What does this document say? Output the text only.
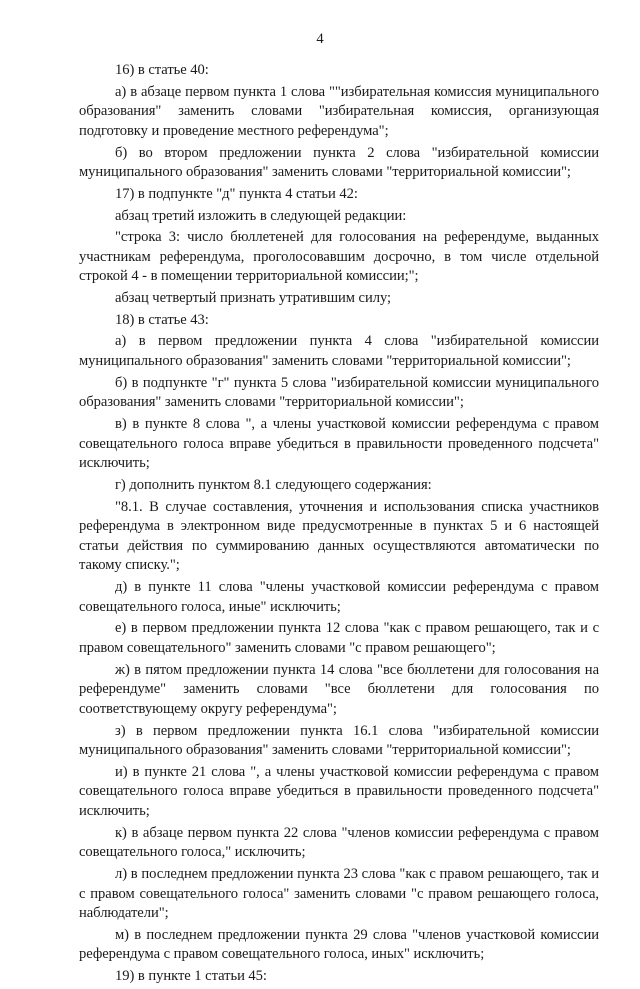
4

16) в статье 40:

а) в абзаце первом пункта 1 слова ""избирательная комиссия муниципального образования" заменить словами "избирательная комиссия, организующая подготовку и проведение местного референдума";

б) во втором предложении пункта 2 слова "избирательной комиссии муниципального образования" заменить словами "территориальной комиссии";

17) в подпункте "д" пункта 4 статьи 42:

абзац третий изложить в следующей редакции:

"строка 3: число бюллетеней для голосования на референдуме, выданных участникам референдума, проголосовавшим досрочно, в том числе отдельной строкой 4 - в помещении территориальной комиссии;";

абзац четвертый признать утратившим силу;

18) в статье 43:

а) в первом предложении пункта 4 слова "избирательной комиссии муниципального образования" заменить словами "территориальной комиссии";

б) в подпункте "г" пункта 5 слова "избирательной комиссии муниципального образования" заменить словами "территориальной комиссии";

в) в пункте 8 слова ", а члены участковой комиссии референдума с правом совещательного голоса вправе убедиться в правильности проведенного подсчета" исключить;

г) дополнить пунктом 8.1 следующего содержания:

"8.1. В случае составления, уточнения и использования списка участников референдума в электронном виде предусмотренные в пунктах 5 и 6 настоящей статьи действия по суммированию данных осуществляются автоматически по такому списку.";

д) в пункте 11 слова "члены участковой комиссии референдума с правом совещательного голоса, иные" исключить;

е) в первом предложении пункта 12 слова "как с правом решающего, так и с правом совещательного" заменить словами "с правом решающего";

ж) в пятом предложении пункта 14 слова "все бюллетени для голосования на референдуме" заменить словами "все бюллетени для голосования по соответствующему округу референдума";

з) в первом предложении пункта 16.1 слова "избирательной комиссии муниципального образования" заменить словами "территориальной комиссии";

и) в пункте 21 слова ", а члены участковой комиссии референдума с правом совещательного голоса вправе убедиться в правильности проведенного подсчета" исключить;

к) в абзаце первом пункта 22 слова "членов комиссии референдума с правом совещательного голоса," исключить;

л) в последнем предложении пункта 23 слова "как с правом решающего, так и с правом совещательного голоса" заменить словами "с правом решающего голоса, наблюдатели";

м) в последнем предложении пункта 29 слова "членов участковой комиссии референдума с правом совещательного голоса, иных" исключить;

19) в пункте 1 статьи 45:
